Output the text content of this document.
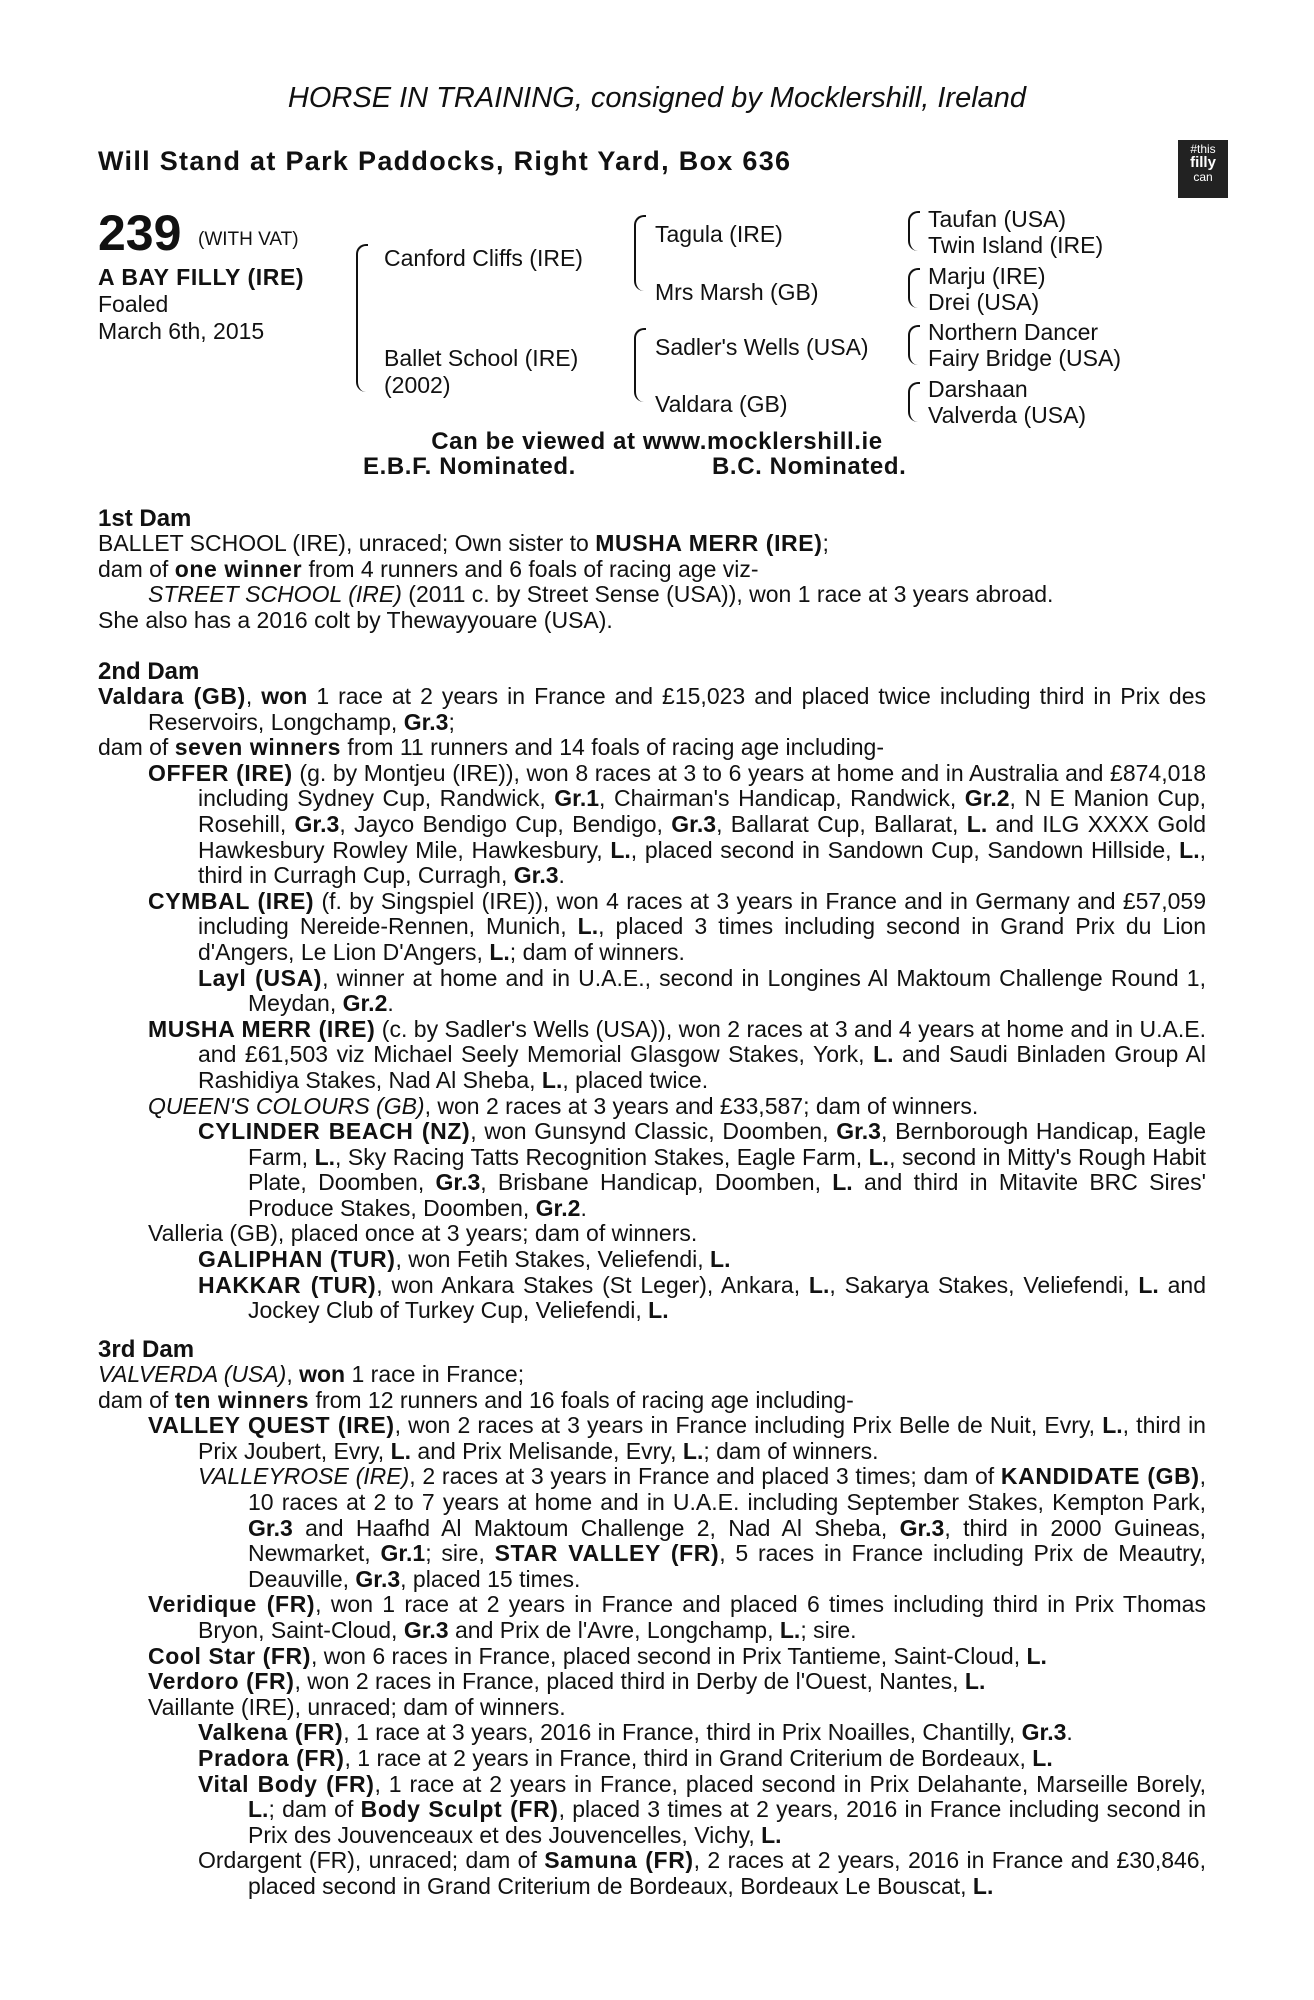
HORSE IN TRAINING, consigned by Mocklershill, Ireland
Will Stand at Park Paddocks, Right Yard, Box 636	#this
filly
can
239 (WITH VAT)
A BAY FILLY (IRE)
Foaled
March 6th, 2015
Canford Cliffs (IRE)
Ballet School (IRE)
(2002)
Tagula (IRE)
Mrs Marsh (GB)
Sadler's Wells (USA)
Valdara (GB)
Taufan (USA)
Twin Island (IRE)
Marju (IRE)
Drei (USA)
Northern Dancer
Fairy Bridge (USA)
Darshaan
Valverda (USA)
Can be viewed at www.mocklershill.ie
E.B.F. Nominated.	B.C. Nominated.
1st Dam

BALLET SCHOOL (IRE), unraced; Own sister to MUSHA MERR (IRE);

dam of one winner from 4 runners and 6 foals of racing age viz-

STREET SCHOOL (IRE) (2011 c. by Street Sense (USA)), won 1 race at 3 years abroad.

She also has a 2016 colt by Thewayyouare (USA).

2nd Dam

Valdara (GB), won 1 race at 2 years in France and £15,023 and placed twice including third in Prix des Reservoirs, Longchamp, Gr.3;

dam of seven winners from 11 runners and 14 foals of racing age including-

OFFER (IRE) (g. by Montjeu (IRE)), won 8 races at 3 to 6 years at home and in Australia and £874,018 including Sydney Cup, Randwick, Gr.1, Chairman's Handicap, Randwick, Gr.2, N E Manion Cup, Rosehill, Gr.3, Jayco Bendigo Cup, Bendigo, Gr.3, Ballarat Cup, Ballarat, L. and ILG XXXX Gold Hawkesbury Rowley Mile, Hawkesbury, L., placed second in Sandown Cup, Sandown Hillside, L., third in Curragh Cup, Curragh, Gr.3.

CYMBAL (IRE) (f. by Singspiel (IRE)), won 4 races at 3 years in France and in Germany and £57,059 including Nereide-Rennen, Munich, L., placed 3 times including second in Grand Prix du Lion d'Angers, Le Lion D'Angers, L.; dam of winners.

Layl (USA), winner at home and in U.A.E., second in Longines Al Maktoum Challenge Round 1, Meydan, Gr.2.

MUSHA MERR (IRE) (c. by Sadler's Wells (USA)), won 2 races at 3 and 4 years at home and in U.A.E. and £61,503 viz Michael Seely Memorial Glasgow Stakes, York, L. and Saudi Binladen Group Al Rashidiya Stakes, Nad Al Sheba, L., placed twice.

QUEEN'S COLOURS (GB), won 2 races at 3 years and £33,587; dam of winners.

CYLINDER BEACH (NZ), won Gunsynd Classic, Doomben, Gr.3, Bernborough Handicap, Eagle Farm, L., Sky Racing Tatts Recognition Stakes, Eagle Farm, L., second in Mitty's Rough Habit Plate, Doomben, Gr.3, Brisbane Handicap, Doomben, L. and third in Mitavite BRC Sires' Produce Stakes, Doomben, Gr.2.

Valleria (GB), placed once at 3 years; dam of winners.

GALIPHAN (TUR), won Fetih Stakes, Veliefendi, L.

HAKKAR (TUR), won Ankara Stakes (St Leger), Ankara, L., Sakarya Stakes, Veliefendi, L. and Jockey Club of Turkey Cup, Veliefendi, L.

3rd Dam

VALVERDA (USA), won 1 race in France;

dam of ten winners from 12 runners and 16 foals of racing age including-

VALLEY QUEST (IRE), won 2 races at 3 years in France including Prix Belle de Nuit, Evry, L., third in Prix Joubert, Evry, L. and Prix Melisande, Evry, L.; dam of winners.

VALLEYROSE (IRE), 2 races at 3 years in France and placed 3 times; dam of KANDIDATE (GB), 10 races at 2 to 7 years at home and in U.A.E. including September Stakes, Kempton Park, Gr.3 and Haafhd Al Maktoum Challenge 2, Nad Al Sheba, Gr.3, third in 2000 Guineas, Newmarket, Gr.1; sire, STAR VALLEY (FR), 5 races in France including Prix de Meautry, Deauville, Gr.3, placed 15 times.

Veridique (FR), won 1 race at 2 years in France and placed 6 times including third in Prix Thomas Bryon, Saint-Cloud, Gr.3 and Prix de l'Avre, Longchamp, L.; sire.

Cool Star (FR), won 6 races in France, placed second in Prix Tantieme, Saint-Cloud, L.

Verdoro (FR), won 2 races in France, placed third in Derby de l'Ouest, Nantes, L.

Vaillante (IRE), unraced; dam of winners.

Valkena (FR), 1 race at 3 years, 2016 in France, third in Prix Noailles, Chantilly, Gr.3.

Pradora (FR), 1 race at 2 years in France, third in Grand Criterium de Bordeaux, L.

Vital Body (FR), 1 race at 2 years in France, placed second in Prix Delahante, Marseille Borely, L.; dam of Body Sculpt (FR), placed 3 times at 2 years, 2016 in France including second in Prix des Jouvenceaux et des Jouvencelles, Vichy, L.

Ordargent (FR), unraced; dam of Samuna (FR), 2 races at 2 years, 2016 in France and £30,846, placed second in Grand Criterium de Bordeaux, Bordeaux Le Bouscat, L.
